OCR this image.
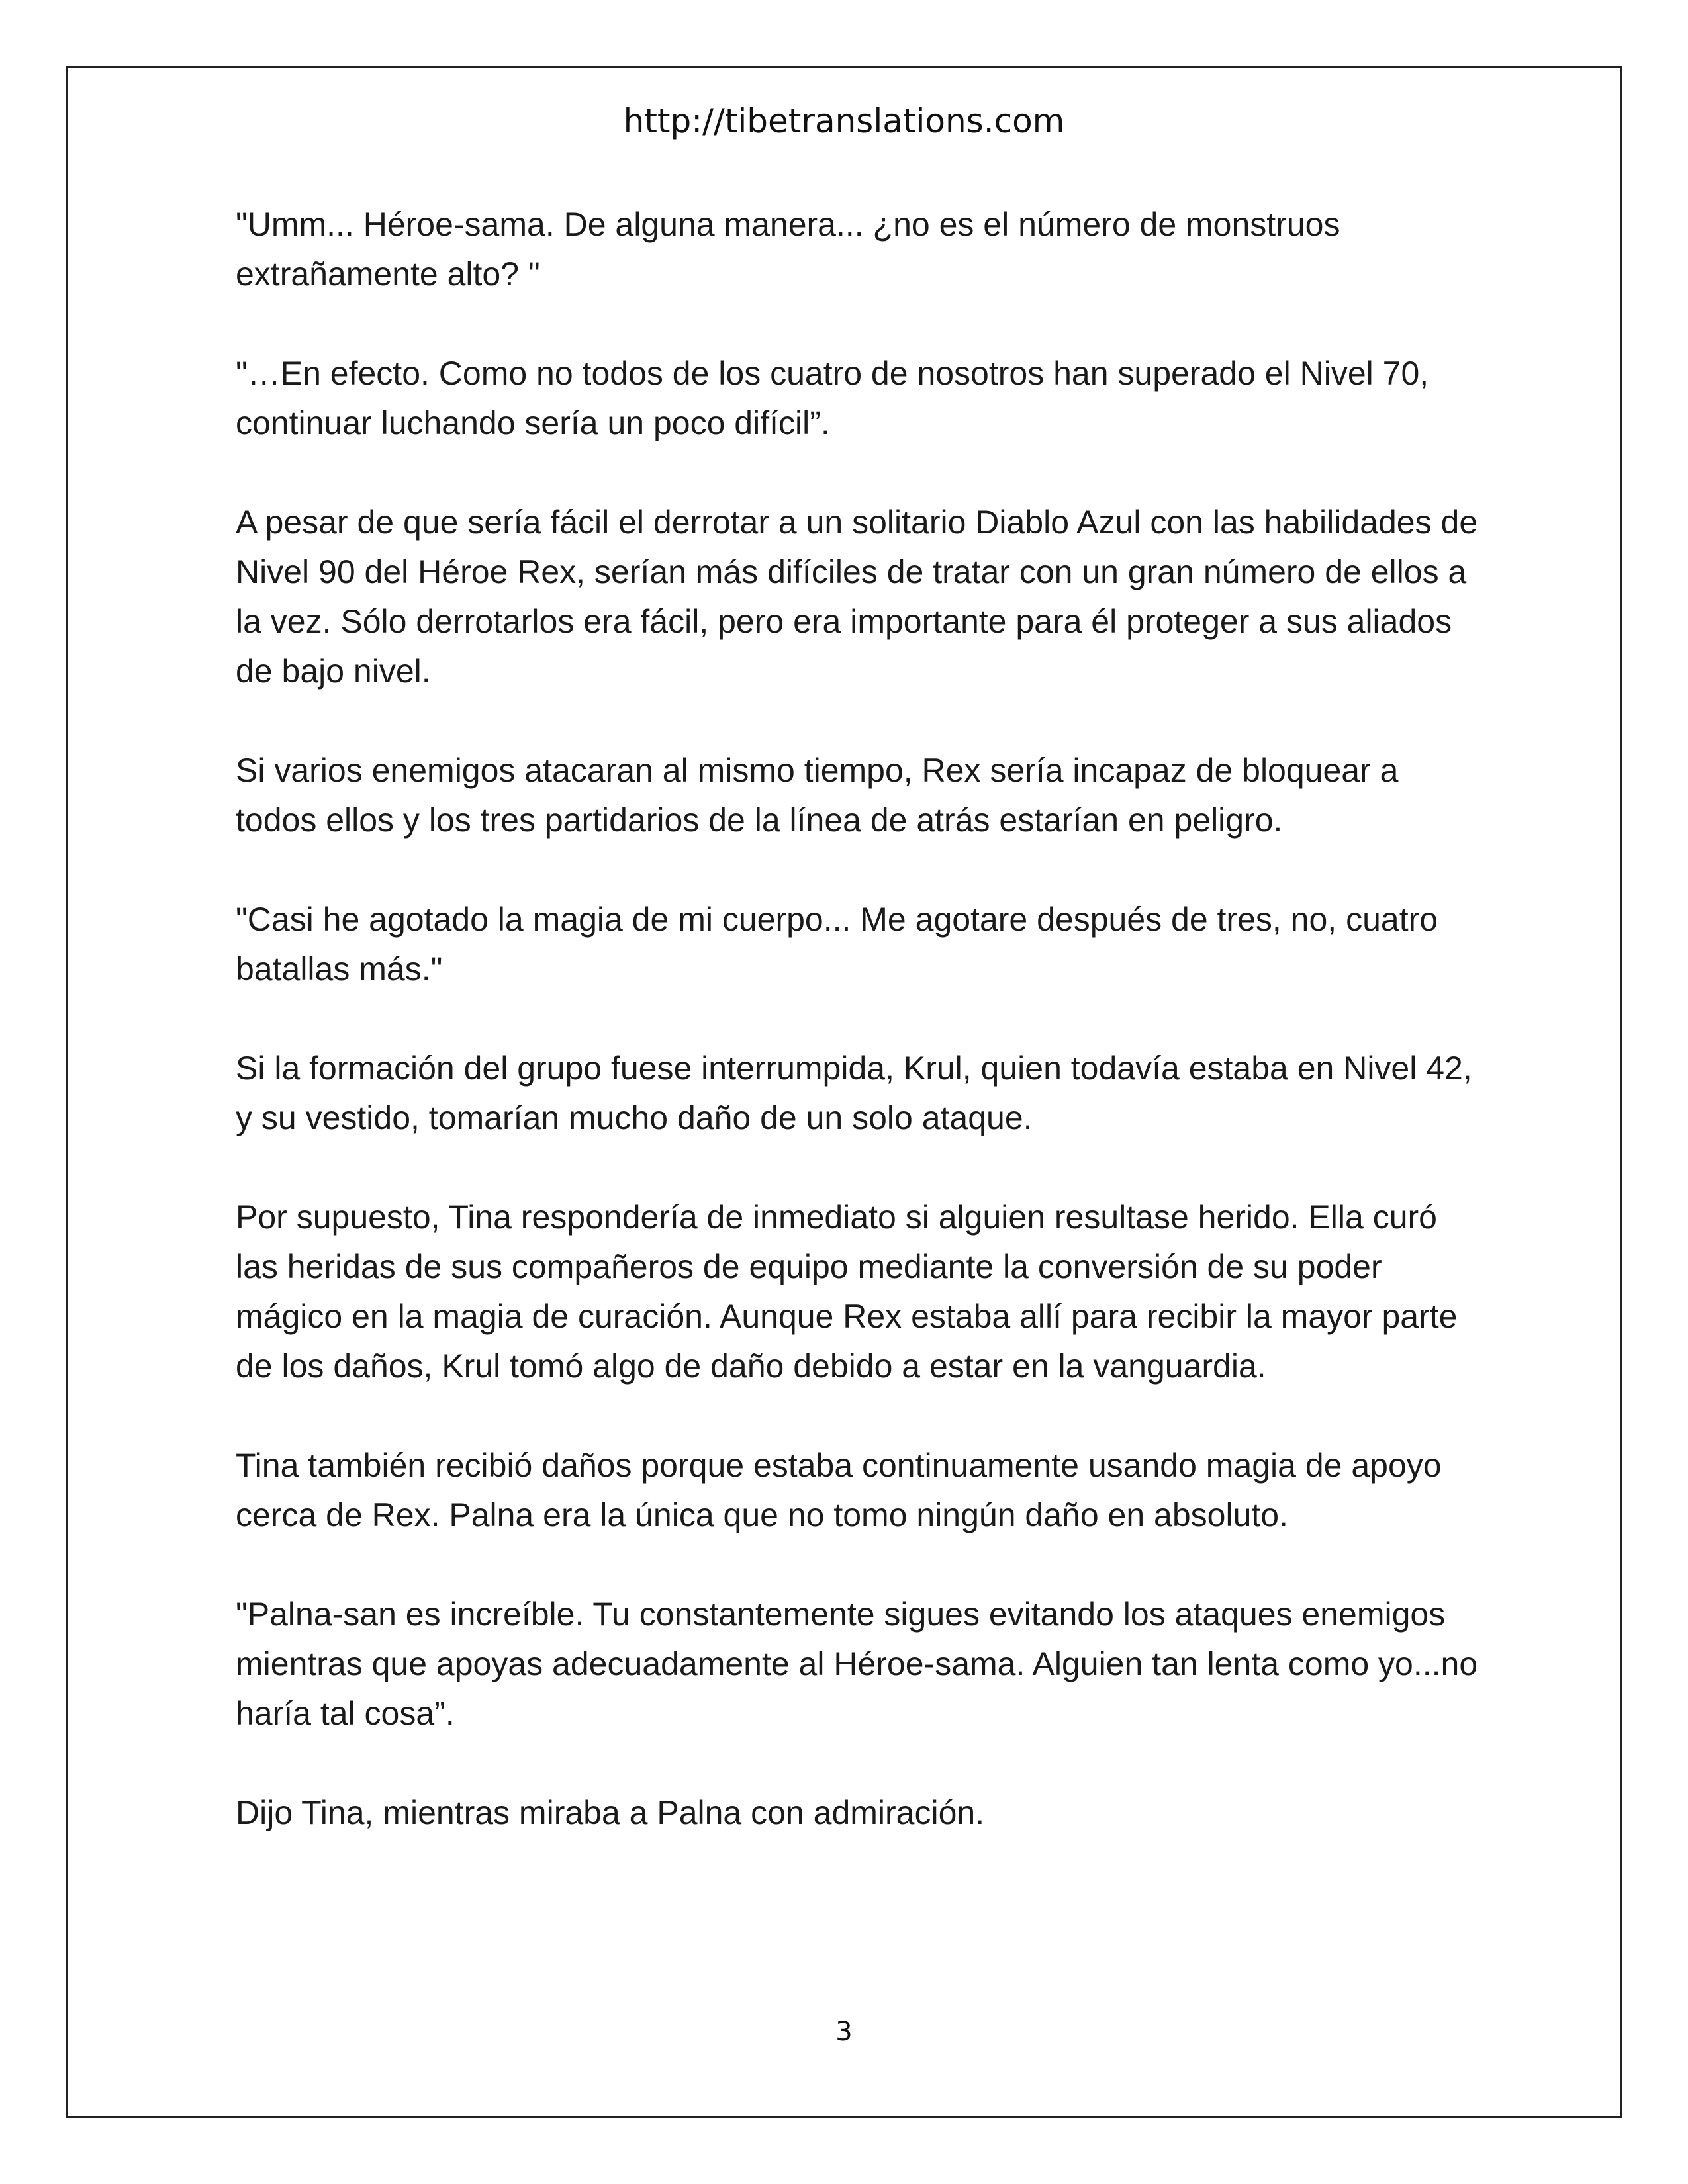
http://tibetranslations.com

"Umm... Héroe-sama. De alguna manera... ¿no es el número de monstruos extrañamente alto? "

"…En efecto. Como no todos de los cuatro de nosotros han superado el Nivel 70, continuar luchando sería un poco difícil”.

A pesar de que sería fácil el derrotar a un solitario Diablo Azul con las habilidades de Nivel 90 del Héroe Rex, serían más difíciles de tratar con un gran número de ellos a la vez. Sólo derrotarlos era fácil, pero era importante para él proteger a sus aliados de bajo nivel.

Si varios enemigos atacaran al mismo tiempo, Rex sería incapaz de bloquear a todos ellos y los tres partidarios de la línea de atrás estarían en peligro.

"Casi he agotado la magia de mi cuerpo... Me agotare después de tres, no, cuatro batallas más."

Si la formación del grupo fuese interrumpida, Krul, quien todavía estaba en Nivel 42, y su vestido, tomarían mucho daño de un solo ataque.

Por supuesto, Tina respondería de inmediato si alguien resultase herido. Ella curó las heridas de sus compañeros de equipo mediante la conversión de su poder mágico en la magia de curación. Aunque Rex estaba allí para recibir la mayor parte de los daños, Krul tomó algo de daño debido a estar en la vanguardia.

Tina también recibió daños porque estaba continuamente usando magia de apoyo cerca de Rex. Palna era la única que no tomo ningún daño en absoluto.

"Palna-san es increíble. Tu constantemente sigues evitando los ataques enemigos mientras que apoyas adecuadamente al Héroe-sama. Alguien tan lenta como yo...no haría tal cosa”.

Dijo Tina, mientras miraba a Palna con admiración.

3
